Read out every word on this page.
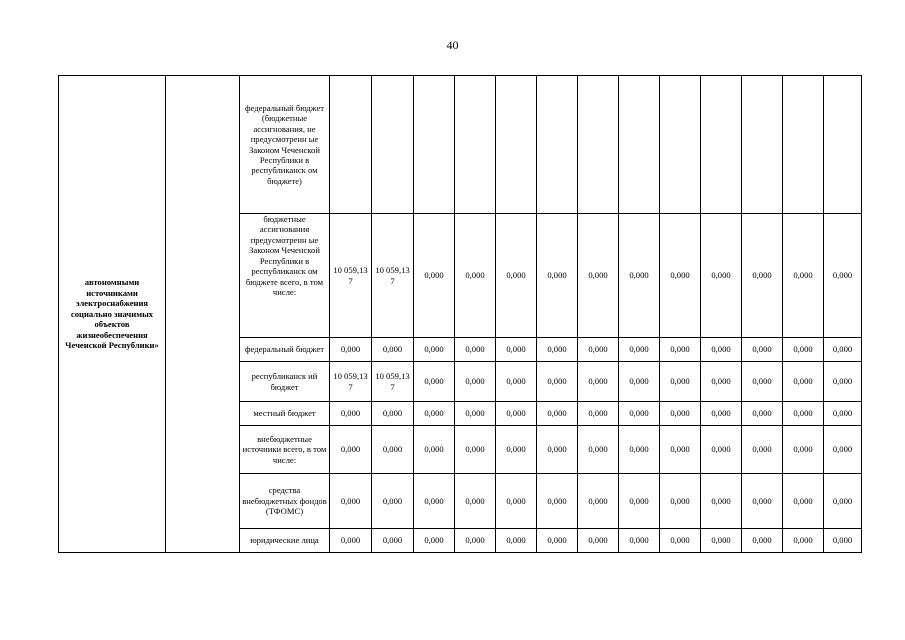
40
автономными источниками электроснабжения социально значимых объектов жизнеобеспечения Чеченской Республики»		федеральный бюджет (бюджетные ассигнования, не предусмотренн ые Законом Чеченской Республики в республиканск ом бюджете)													
		бюджетные ассигнования предусмотренн ые Законом Чеченской Республики в республиканск ом бюджете всего, в том числе:	10 059,13 7	10 059,13 7	0,000	0,000	0,000	0,000	0,000	0,000	0,000	0,000	0,000	0,000	0,000
		федеральный бюджет	0,000	0,000	0,000	0,000	0,000	0,000	0,000	0,000	0,000	0,000	0,000	0,000	0,000
		республиканск ий бюджет	10 059,13 7	10 059,13 7	0,000	0,000	0,000	0,000	0,000	0,000	0,000	0,000	0,000	0,000	0,000
		местный бюджет	0,000	0,000	0,000	0,000	0,000	0,000	0,000	0,000	0,000	0,000	0,000	0,000	0,000
		внебюджетные источники всего, в том числе:	0,000	0,000	0,000	0,000	0,000	0,000	0,000	0,000	0,000	0,000	0,000	0,000	0,000
		средства внебюджетных фондов (ТФОМС)	0,000	0,000	0,000	0,000	0,000	0,000	0,000	0,000	0,000	0,000	0,000	0,000	0,000
		юридические лица	0,000	0,000	0,000	0,000	0,000	0,000	0,000	0,000	0,000	0,000	0,000	0,000	0,000
